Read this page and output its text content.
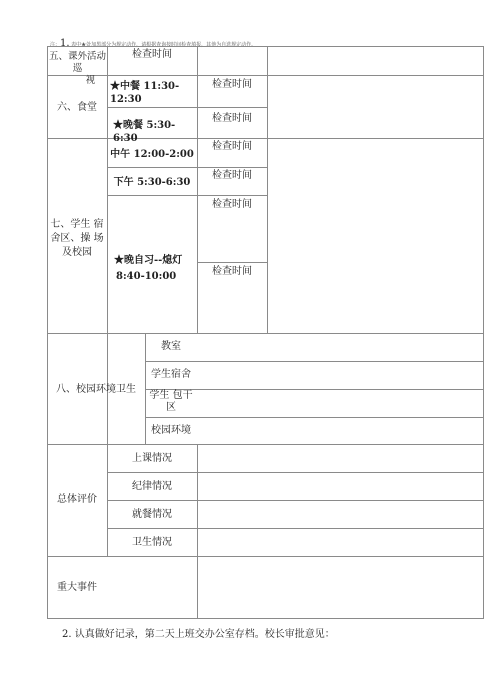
注：1. 表中★处加黑部分为规定动作，请根据查询按时间检查填报，其他为自选规定动作。
五、课外活动 巡
视
检查时间
六、食堂
★中餐 11:30-12:30
★晚餐 5:30-6:30
检查时间
检查时间
七、学生 宿
舍区、操 场
及校园
中午 12:00-2:00
下午 5:30-6:30
★晚自习--熄灯
8:40-10:00
检查时间
检查时间
检查时间
检查时间
八、校园环境卫生
教室
学生宿舍
学生 包干
区
校园环境
总体评价
上课情况
纪律情况
就餐情况
卫生情况
重大事件
2. 认真做好记录，第二天上班交办公室存档。校长审批意见：
